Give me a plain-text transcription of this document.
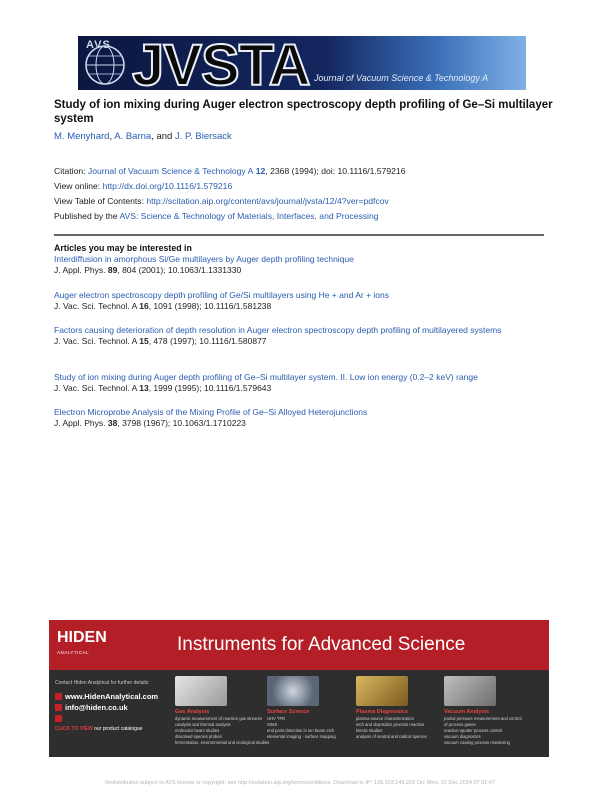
AVS JVSTA Journal of Vacuum Science & Technology A
Study of ion mixing during Auger electron spectroscopy depth profiling of Ge–Si multilayer system
M. Menyhard, A. Barna, and J. P. Biersack
Citation: Journal of Vacuum Science & Technology A 12, 2368 (1994); doi: 10.1116/1.579216
View online: http://dx.doi.org/10.1116/1.579216
View Table of Contents: http://scitation.aip.org/content/avs/journal/jvsta/12/4?ver=pdfcov
Published by the AVS: Science & Technology of Materials, Interfaces, and Processing
Articles you may be interested in
Interdiffusion in amorphous Si/Ge multilayers by Auger depth profiling technique
J. Appl. Phys. 89, 804 (2001); 10.1063/1.1331330
Auger electron spectroscopy depth profiling of Ge/Si multilayers using He + and Ar + ions
J. Vac. Sci. Technol. A 16, 1091 (1998); 10.1116/1.581238
Factors causing deterioration of depth resolution in Auger electron spectroscopy depth profiling of multilayered systems
J. Vac. Sci. Technol. A 15, 478 (1997); 10.1116/1.580877
Study of ion mixing during Auger depth profiling of Ge–Si multilayer system. II. Low ion energy (0.2–2 keV) range
J. Vac. Sci. Technol. A 13, 1999 (1995); 10.1116/1.579643
Electron Microprobe Analysis of the Mixing Profile of Ge–Si Alloyed Heterojunctions
J. Appl. Phys. 38, 3798 (1967); 10.1063/1.1710223
HIDEN
ANALYTICAL	Instruments for Advanced Science
Contact Hiden Analytical for further details:
www.HidenAnalytical.com
info@hiden.co.uk
CLICK TO VIEW our product catalogue
Gas Analysis
dynamic measurement of reaction gas streams
catalysis and thermal analysis
molecular beam studies
dissolved species probes
fermentation, environmental and ecological studies
Surface Science
UHV TPD
SIMS
end point detection in ion beam etch
elemental imaging - surface mapping
Plasma Diagnostics
plasma source characterization
etch and deposition process reaction
kinetic studies
analysis of neutral and radical species
Vacuum Analysis
partial pressure measurement and control
of process gases
reactive sputter process control
vacuum diagnostics
vacuum coating process monitoring
Redistribution subject to AVS license or copyright; see http://scitation.aip.org/termsconditions. Download to IP: 128.103.149.203 On: Mon, 22 Dec 2014 07:31:47
